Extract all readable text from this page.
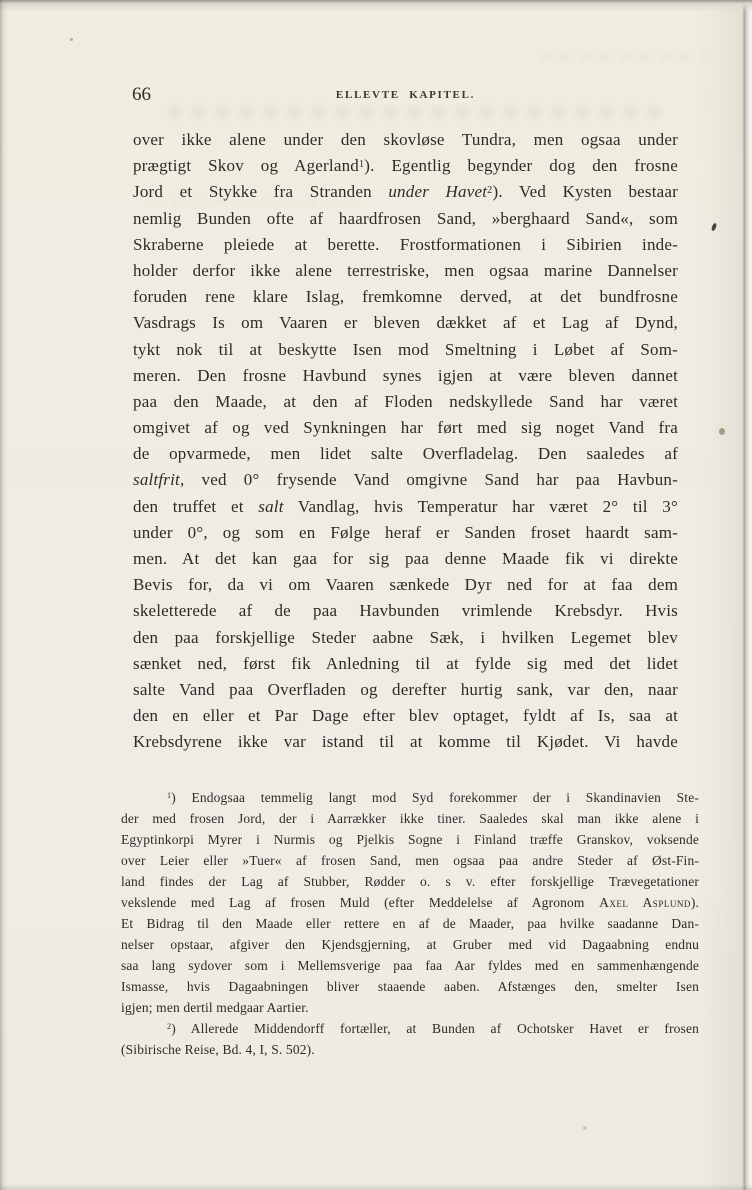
66	ELLEVTE KAPITEL.
over ikke alene under den skovløse Tundra, men ogsaa under
prægtigt Skov og Agerland$^1$). Egentlig begynder dog den frosne
Jord et Stykke fra Stranden under Havet$^2$). Ved Kysten bestaar
nemlig Bunden ofte af haardfrosen Sand, »berghaard Sand«, som
Skraberne pleiede at berette. Frostformationen i Sibirien inde-
holder derfor ikke alene terrestriske, men ogsaa marine Dannelser
foruden rene klare Islag, fremkomne derved, at det bundfrosne
Vasdrags Is om Vaaren er bleven dækket af et Lag af Dynd,
tykt nok til at beskytte Isen mod Smeltning i Løbet af Som-
meren. Den frosne Havbund synes igjen at være bleven dannet
paa den Maade, at den af Floden nedskyllede Sand har været
omgivet af og ved Synkningen har ført med sig noget Vand fra
de opvarmede, men lidet salte Overfladelag. Den saaledes af
saltfrit, ved 0° frysende Vand omgivne Sand har paa Havbun-
den truffet et salt Vandlag, hvis Temperatur har været 2° til 3°
under 0°, og som en Følge heraf er Sanden froset haardt sam-
men. At det kan gaa for sig paa denne Maade fik vi direkte
Bevis for, da vi om Vaaren sænkede Dyr ned for at faa dem
skeletterede af de paa Havbunden vrimlende Krebsdyr. Hvis
den paa forskjellige Steder aabne Sæk, i hvilken Legemet blev
sænket ned, først fik Anledning til at fylde sig med det lidet
salte Vand paa Overfladen og derefter hurtig sank, var den, naar
den en eller et Par Dage efter blev optaget, fyldt af Is, saa at
Krebsdyrene ikke var istand til at komme til Kjødet. Vi havde
$^1$) Endogsaa temmelig langt mod Syd forekommer der i Skandinavien Ste-
der med frosen Jord, der i Aarrækker ikke tiner. Saaledes skal man ikke alene i
Egyptinkorpi Myrer i Nurmis og Pjelkis Sogne i Finland træffe Granskov, voksende
over Leier eller »Tuer« af frosen Sand, men ogsaa paa andre Steder af Øst-Fin-
land findes der Lag af Stubber, Rødder o. s v. efter forskjellige Trævegetationer
vekslende med Lag af frosen Muld (efter Meddelelse af Agronom Axel Asplund).
Et Bidrag til den Maade eller rettere en af de Maader, paa hvilke saadanne Dan-
nelser opstaar, afgiver den Kjendsgjerning, at Gruber med vid Dagaabning endnu
saa lang sydover som i Mellemsverige paa faa Aar fyldes med en sammenhængende
Ismasse, hvis Dagaabningen bliver staaende aaben. Afstænges den, smelter Isen
igjen; men dertil medgaar Aartier.
$^2$) Allerede Middendorff fortæller, at Bunden af Ochotsker Havet er frosen
(Sibirische Reise, Bd. 4, I, S. 502).
